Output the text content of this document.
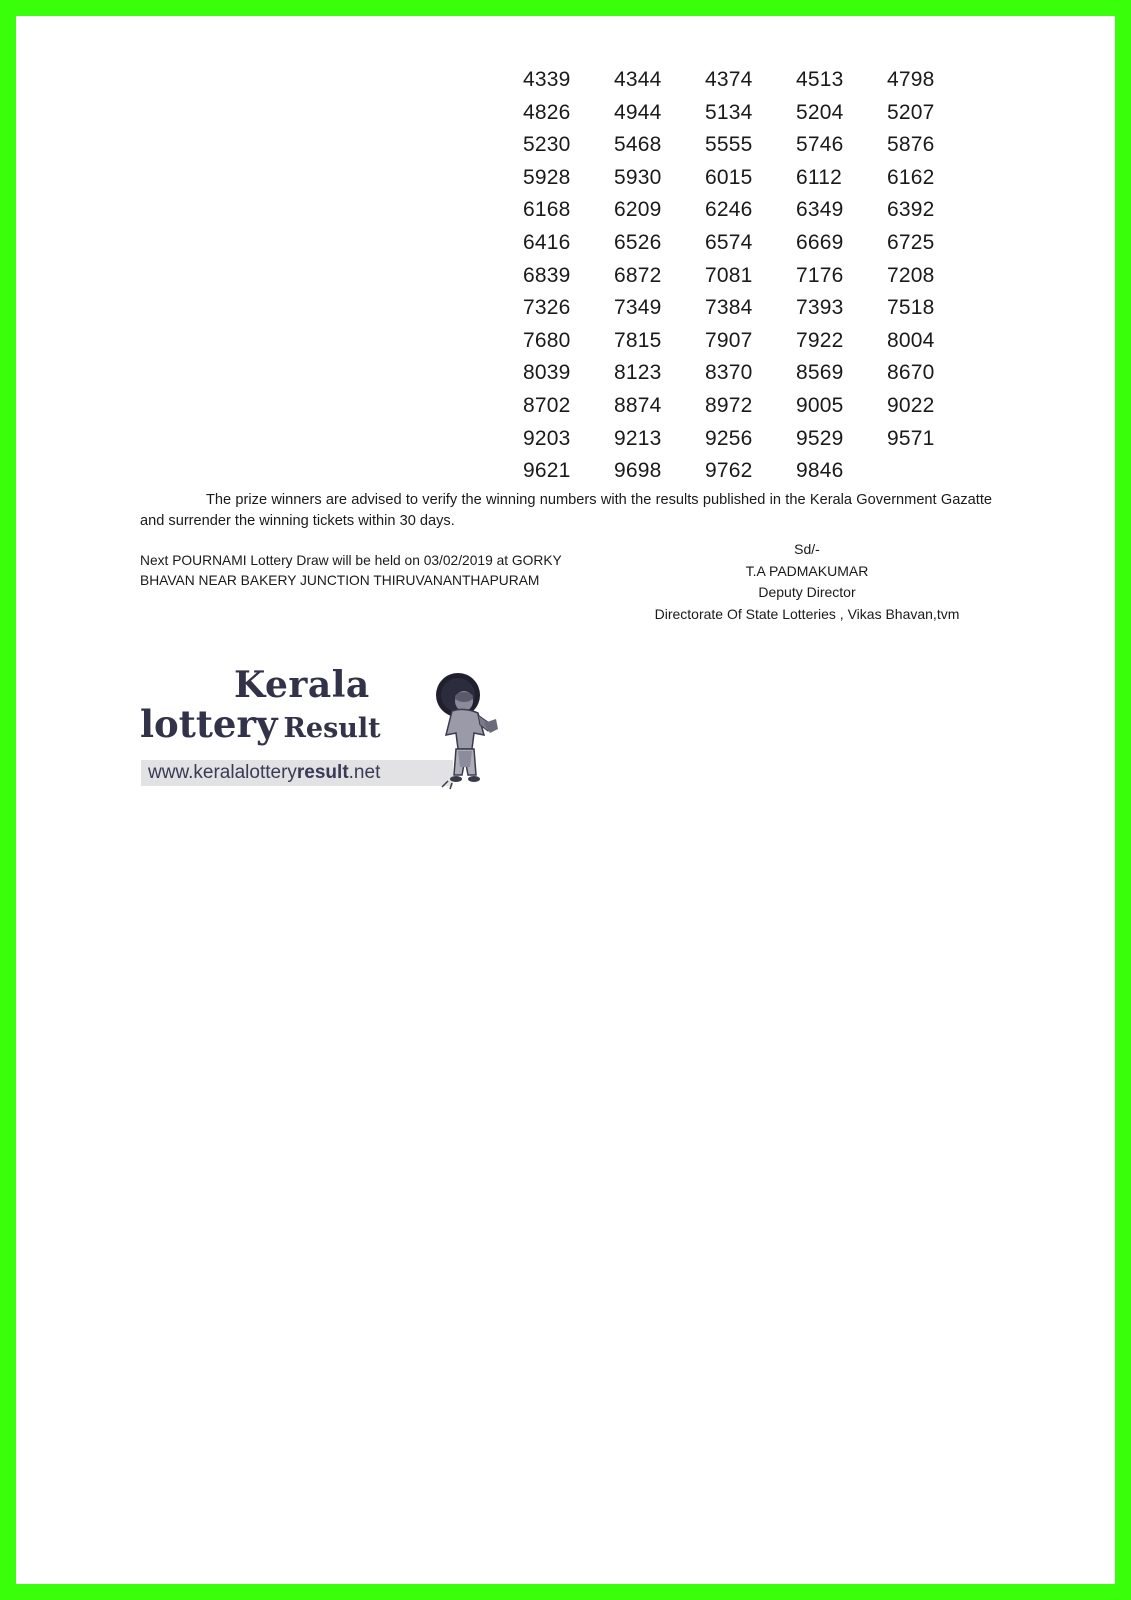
4339	4344	4374	4513	4798
4826	4944	5134	5204	5207
5230	5468	5555	5746	5876
5928	5930	6015	6112	6162
6168	6209	6246	6349	6392
6416	6526	6574	6669	6725
6839	6872	7081	7176	7208
7326	7349	7384	7393	7518
7680	7815	7907	7922	8004
8039	8123	8370	8569	8670
8702	8874	8972	9005	9022
9203	9213	9256	9529	9571
9621	9698	9762	9846

The prize winners are advised to verify the winning numbers with the results published in the Kerala Government Gazatte and surrender the winning tickets within 30 days.

Next POURNAMI Lottery Draw will be held on 03/02/2019 at GORKY
BHAVAN NEAR BAKERY JUNCTION THIRUVANANTHAPURAM
Sd/-
T.A PADMAKUMAR
Deputy Director
Directorate Of State Lotteries , Vikas Bhavan,tvm
Kerala
lottery Result
www.keralalotteryresult.net
